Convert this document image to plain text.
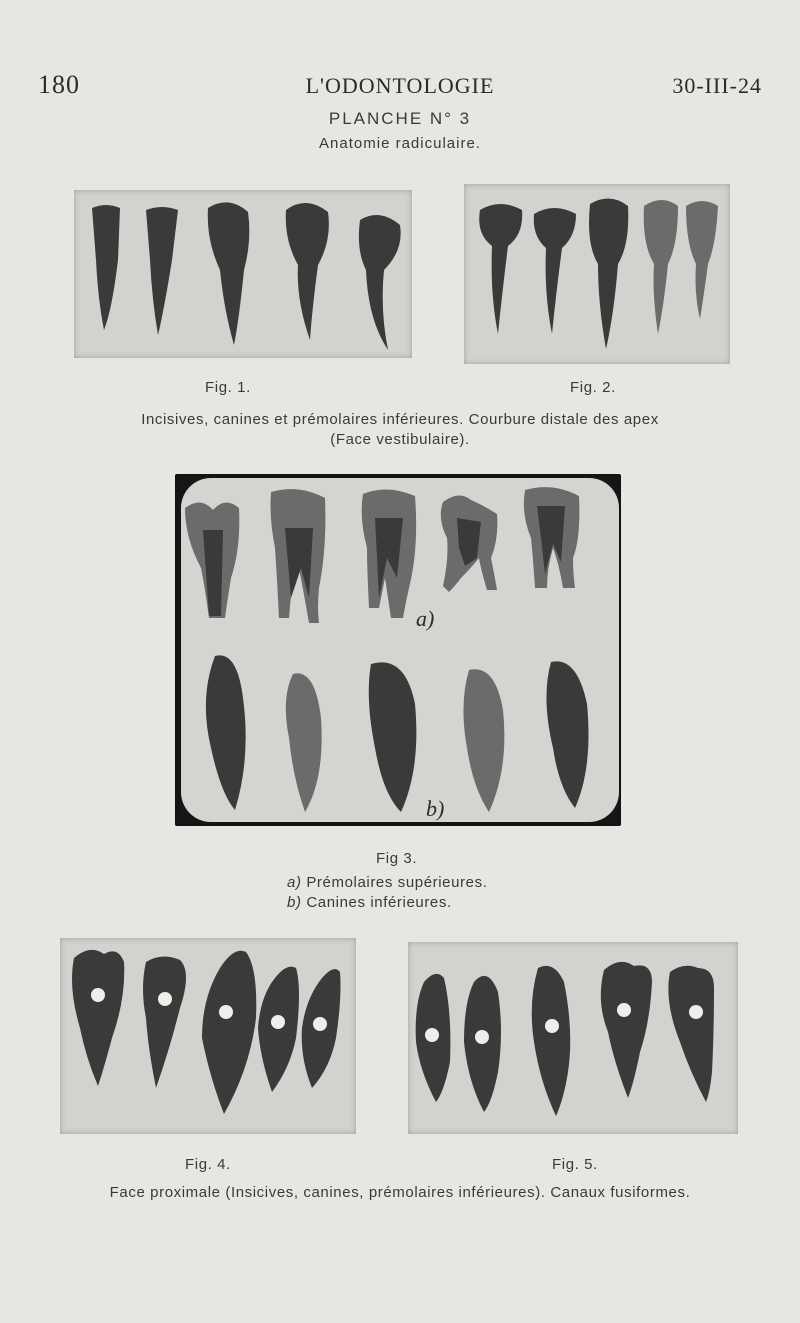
180	L'ODONTOLOGIE	30-III-24
PLANCHE N° 3
Anatomie radiculaire.
Fig. 1.	Fig. 2.
Incisives, canines et prémolaires inférieures. Courbure distale des apex
(Face vestibulaire).
a)
b)
Fig 3.
a) Prémolaires supérieures.
b) Canines inférieures.
Fig. 4.	Fig. 5.
Face proximale (Insicives, canines, prémolaires inférieures). Canaux fusiformes.
